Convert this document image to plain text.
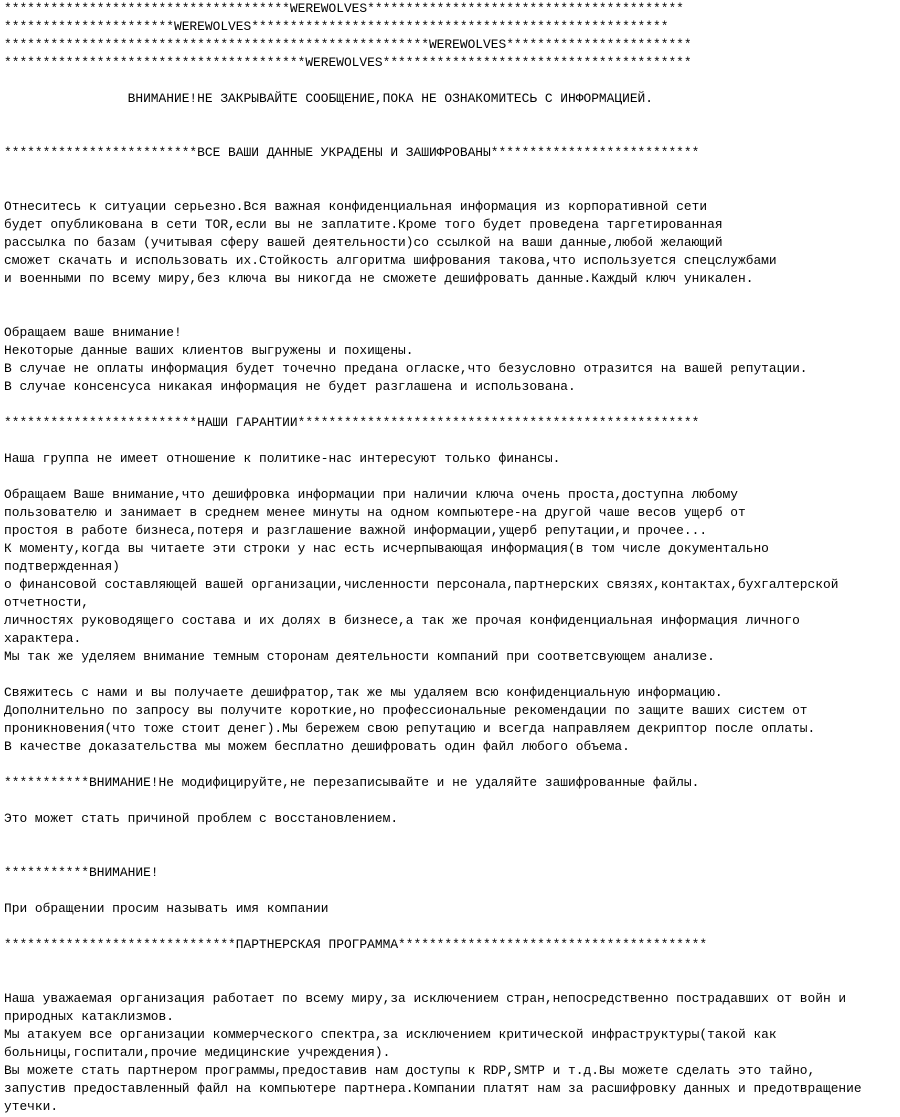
*************************************WEREWOLVES*****************************************
**********************WEREWOLVES******************************************************
*******************************************************WEREWOLVES************************
***************************************WEREWOLVES****************************************
ВНИМАНИЕ!НЕ ЗАКРЫВАЙТЕ СООБЩЕНИЕ,ПОКА НЕ ОЗНАКОМИТЕСЬ С ИНФОРМАЦИЕЙ.
*************************ВСЕ ВАШИ ДАННЫЕ УКРАДЕНЫ И ЗАШИФРОВАНЫ***************************
Отнеситесь к ситуации серьезно.Вся важная конфиденциальная информация из корпоративной сети
будет опубликована в сети TOR,если вы не заплатите.Кроме того будет проведена таргетированная
рассылка по базам (учитывая сферу вашей деятельности)со ссылкой на ваши данные,любой желающий
сможет скачать и использовать их.Стойкость алгоритма шифрования такова,что используется спецслужбами
и военными по всему миру,без ключа вы никогда не сможете дешифровать данные.Каждый ключ уникален.
Обращаем ваше внимание!
Некоторые данные ваших клиентов выгружены и похищены.
В случае не оплаты информация будет точечно предана огласке,что безусловно отразится на вашей репутации.
В случае консенсуса никакая информация не будет разглашена и использована.
*************************НАШИ ГАРАНТИИ****************************************************
Наша группа не имеет отношение к политике-нас интересуют только финансы.
Обращаем Ваше внимание,что дешифровка информации при наличии ключа очень проста,доступна любому
пользователю и занимает в среднем менее минуты на одном компьютере-на другой чаше весов ущерб от
простоя в работе бизнеса,потеря и разглашение важной информации,ущерб репутации,и прочее...
К моменту,когда вы читаете эти строки у нас есть исчерпывающая информация(в том числе документально
подтвержденная)
о финансовой составляющей вашей организации,численности персонала,партнерских связях,контактах,бухгалтерской
отчетности,
личностях руководящего состава и их долях в бизнесе,а так же прочая конфиденциальная информация личного
характера.
Мы так же уделяем внимание темным сторонам деятельности компаний при соответсвующем анализе.
Свяжитесь с нами и вы получаете дешифратор,так же мы удаляем всю конфиденциальную информацию.
Дополнительно по запросу вы получите короткие,но профессиональные рекомендации по защите ваших систем от
проникновения(что тоже стоит денег).Мы бережем свою репутацию и всегда направляем декриптор после оплаты.
В качестве доказательства мы можем бесплатно дешифровать один файл любого объема.
***********ВНИМАНИЕ!Не модифицируйте,не перезаписывайте и не удаляйте зашифрованные файлы.
Это может стать причиной проблем с восстановлением.
***********ВНИМАНИЕ!
При обращении просим называть имя компании
******************************ПАРТНЕРСКАЯ ПРОГРАММА****************************************
Наша уважаемая организация работает по всему миру,за исключением стран,непосредственно пострадавших от войн и
природных катаклизмов.
Мы атакуем все организации коммерческого спектра,за исключением критической инфраструктуры(такой как
больницы,госпитали,прочие медицинские учреждения).
Вы можете стать партнером программы,предоставив нам доступы к RDP,SMTP и т.д.Вы можете сделать это тайно,
запустив предоставленный файл на компьютере партнера.Компании платят нам за расшифровку данных и предотвращение
утечки.
